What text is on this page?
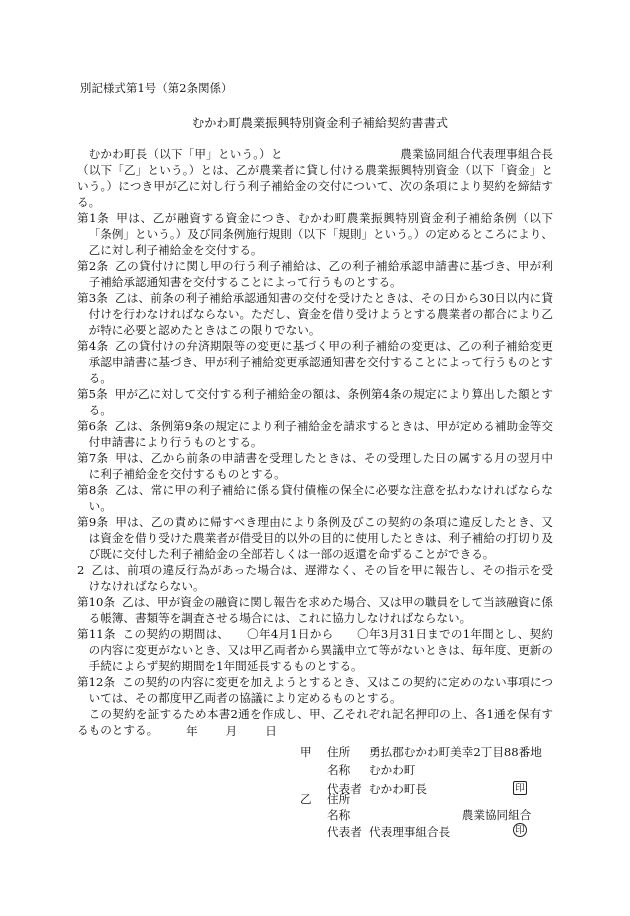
別記様式第1号（第2条関係）
むかわ町農業振興特別資金利子補給契約書書式

むかわ町長（以下「甲」という。）と　　　　　　　　　　農業協同組合代表理事組合長（以下「乙」という。）とは、乙が農業者に貸し付ける農業振興特別資金（以下「資金」という。）につき甲が乙に対し行う利子補給金の交付について、次の条項により契約を締結する。

第1条 甲は、乙が融資する資金につき、むかわ町農業振興特別資金利子補給条例（以下「条例」という。）及び同条例施行規則（以下「規則」という。）の定めるところにより、乙に対し利子補給金を交付する。

第2条 乙の貸付けに関し甲の行う利子補給は、乙の利子補給承認申請書に基づき、甲が利子補給承認通知書を交付することによって行うものとする。

第3条 乙は、前条の利子補給承認通知書の交付を受けたときは、その日から30日以内に貸付けを行わなければならない。ただし、資金を借り受けようとする農業者の都合により乙が特に必要と認めたときはこの限りでない。

第4条 乙の貸付けの弁済期限等の変更に基づく甲の利子補給の変更は、乙の利子補給変更承認申請書に基づき、甲が利子補給変更承認通知書を交付することによって行うものとする。

第5条 甲が乙に対して交付する利子補給金の額は、条例第4条の規定により算出した額とする。

第6条 乙は、条例第9条の規定により利子補給金を請求するときは、甲が定める補助金等交付申請書により行うものとする。

第7条 甲は、乙から前条の申請書を受理したときは、その受理した日の属する月の翌月中に利子補給金を交付するものとする。

第8条 乙は、常に甲の利子補給に係る貸付債権の保全に必要な注意を払わなければならない。

第9条 甲は、乙の責めに帰すべき理由により条例及びこの契約の条項に違反したとき、又は資金を借り受けた農業者が借受目的以外の目的に使用したときは、利子補給の打切り及び既に交付した利子補給金の全部若しくは一部の返還を命ずることができる。

2 乙は、前項の違反行為があった場合は、遅滞なく、その旨を甲に報告し、その指示を受けなければならない。

第10条 乙は、甲が資金の融資に関し報告を求めた場合、又は甲の職員をして当該融資に係る帳簿、書類等を調査させる場合には、これに協力しなければならない。

第11条 この契約の期間は、　　〇年4月1日から　　〇年3月31日までの1年間とし、契約の内容に変更がないとき、又は甲乙両者から異議申立て等がないときは、毎年度、更新の手続によらず契約期間を1年間延長するものとする。

第12条 この契約の内容に変更を加えようとするとき、又はこの契約に定めのない事項については、その都度甲乙両者の協議により定めるものとする。

この契約を証するため本書2通を作成し、甲、乙それぞれ記名押印の上、各1通を保有するものとする。	年 月 日
甲	住所 勇払郡むかわ町美幸2丁目88番地
名称 むかわ町
代表者 むかわ町長	印
乙	住所
名称　　　　　　　　農業協同組合
代表者 代表理事組合長	印
